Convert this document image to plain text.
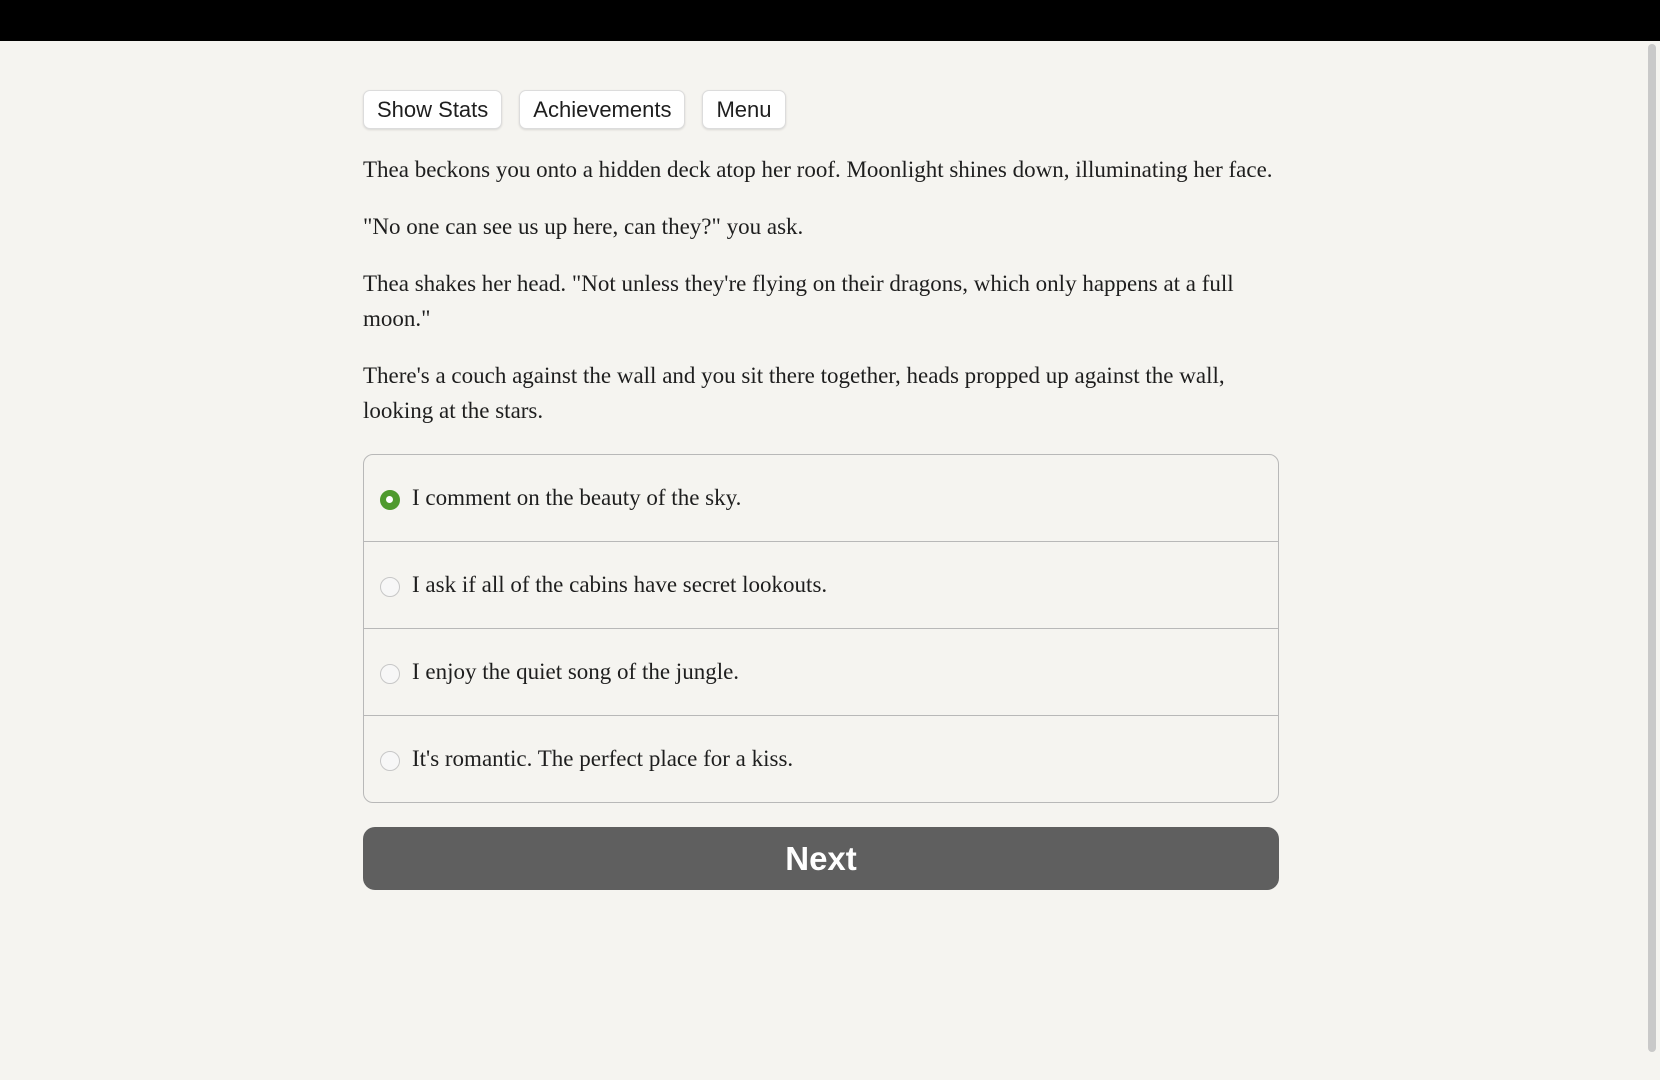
Show Stats	Achievements	Menu

Thea beckons you onto a hidden deck atop her roof. Moonlight shines down, illuminating her face.

"No one can see us up here, can they?" you ask.

Thea shakes her head. "Not unless they're flying on their dragons, which only happens at a full moon."

There's a couch against the wall and you sit there together, heads propped up against the wall, looking at the stars.

I comment on the beauty of the sky.
I ask if all of the cabins have secret lookouts.
I enjoy the quiet song of the jungle.
It's romantic. The perfect place for a kiss.
Next
